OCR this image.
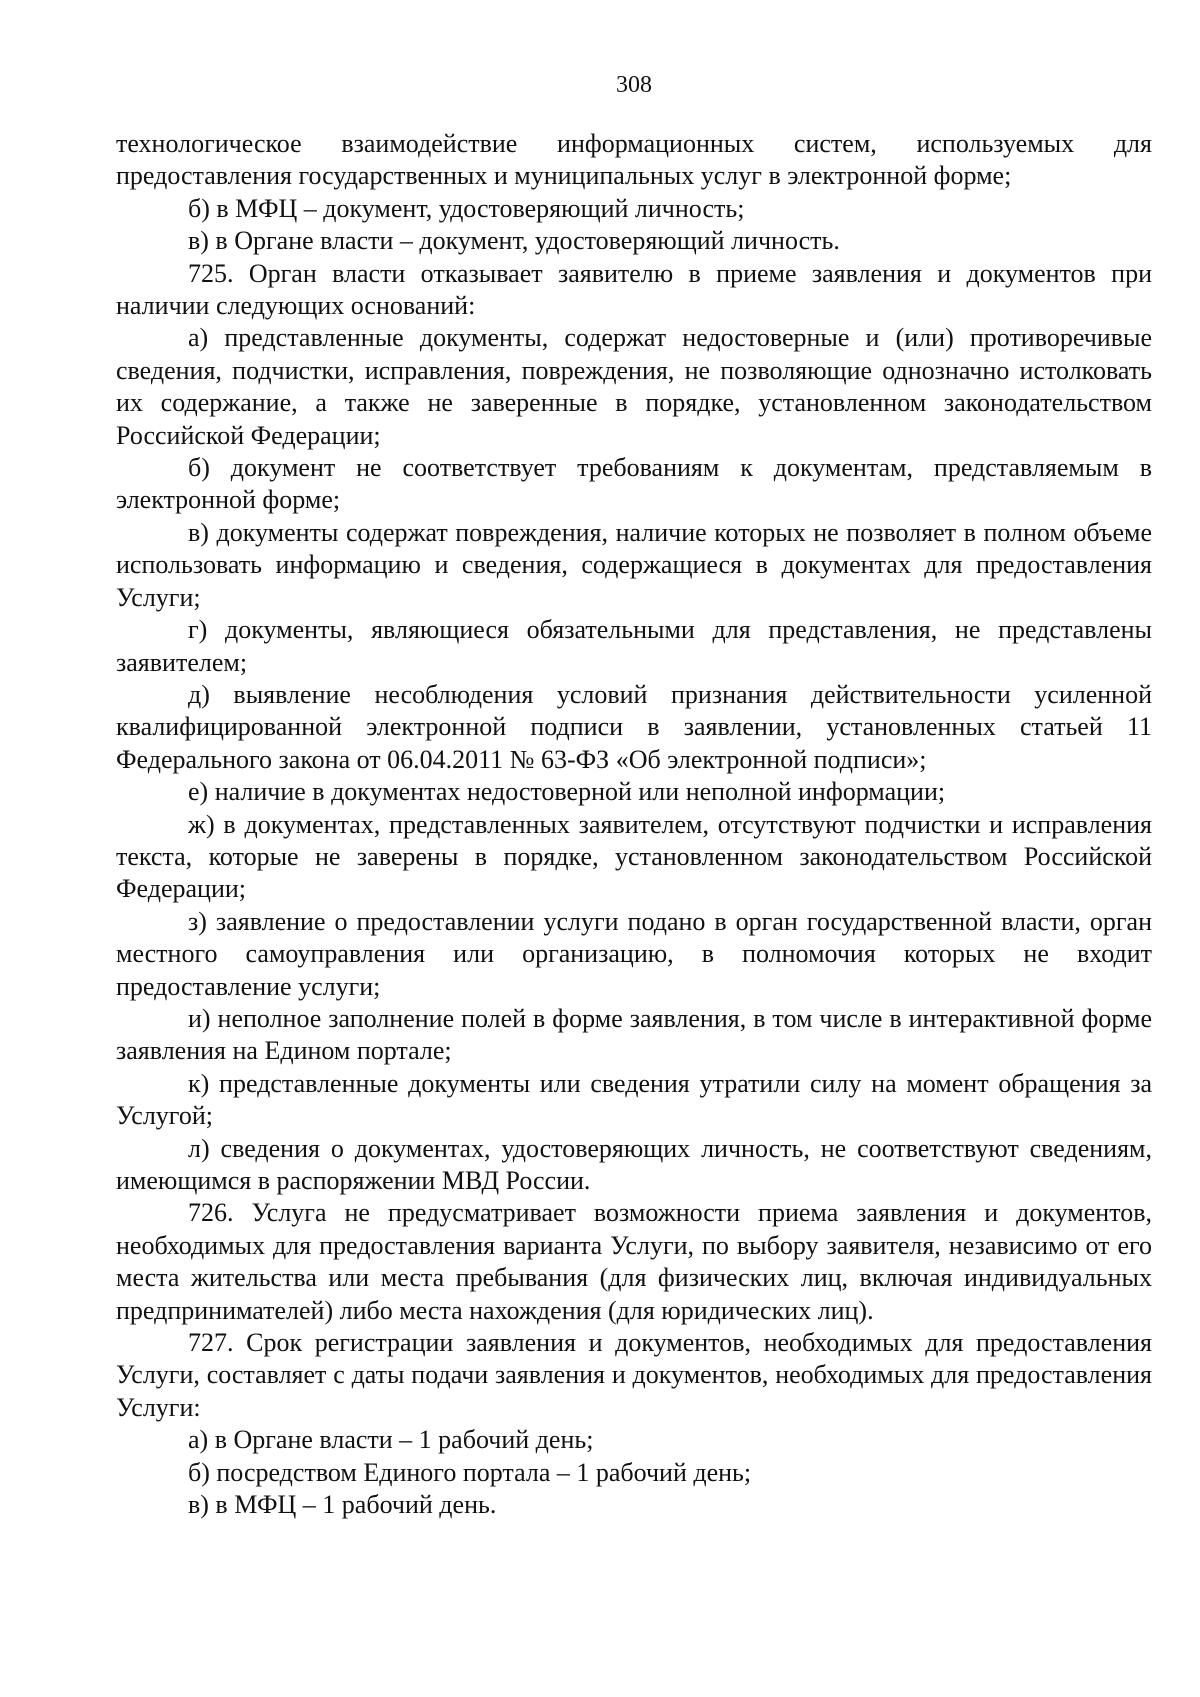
308

технологическое взаимодействие информационных систем, используемых для предоставления государственных и муниципальных услуг в электронной форме;

б) в МФЦ – документ, удостоверяющий личность;

в) в Органе власти – документ, удостоверяющий личность.

725. Орган власти отказывает заявителю в приеме заявления и документов при наличии следующих оснований:

а) представленные документы, содержат недостоверные и (или) противоречивые сведения, подчистки, исправления, повреждения, не позволяющие однозначно истолковать их содержание, а также не заверенные в порядке, установленном законодательством Российской Федерации;

б) документ не соответствует требованиям к документам, представляемым в электронной форме;

в) документы содержат повреждения, наличие которых не позволяет в полном объеме использовать информацию и сведения, содержащиеся в документах для предоставления Услуги;

г) документы, являющиеся обязательными для представления, не представлены заявителем;

д) выявление несоблюдения условий признания действительности усиленной квалифицированной электронной подписи в заявлении, установленных статьей 11 Федерального закона от 06.04.2011 № 63-ФЗ «Об электронной подписи»;

е) наличие в документах недостоверной или неполной информации;

ж) в документах, представленных заявителем, отсутствуют подчистки и исправления текста, которые не заверены в порядке, установленном законодательством Российской Федерации;

з) заявление о предоставлении услуги подано в орган государственной власти, орган местного самоуправления или организацию, в полномочия которых не входит предоставление услуги;

и) неполное заполнение полей в форме заявления, в том числе в интерактивной форме заявления на Едином портале;

к) представленные документы или сведения утратили силу на момент обращения за Услугой;

л) сведения о документах, удостоверяющих личность, не соответствуют сведениям, имеющимся в распоряжении МВД России.

726. Услуга не предусматривает возможности приема заявления и документов, необходимых для предоставления варианта Услуги, по выбору заявителя, независимо от его места жительства или места пребывания (для физических лиц, включая индивидуальных предпринимателей) либо места нахождения (для юридических лиц).

727. Срок регистрации заявления и документов, необходимых для предоставления Услуги, составляет с даты подачи заявления и документов, необходимых для предоставления Услуги:

а) в Органе власти – 1 рабочий день;

б) посредством Единого портала – 1 рабочий день;

в) в МФЦ – 1 рабочий день.
